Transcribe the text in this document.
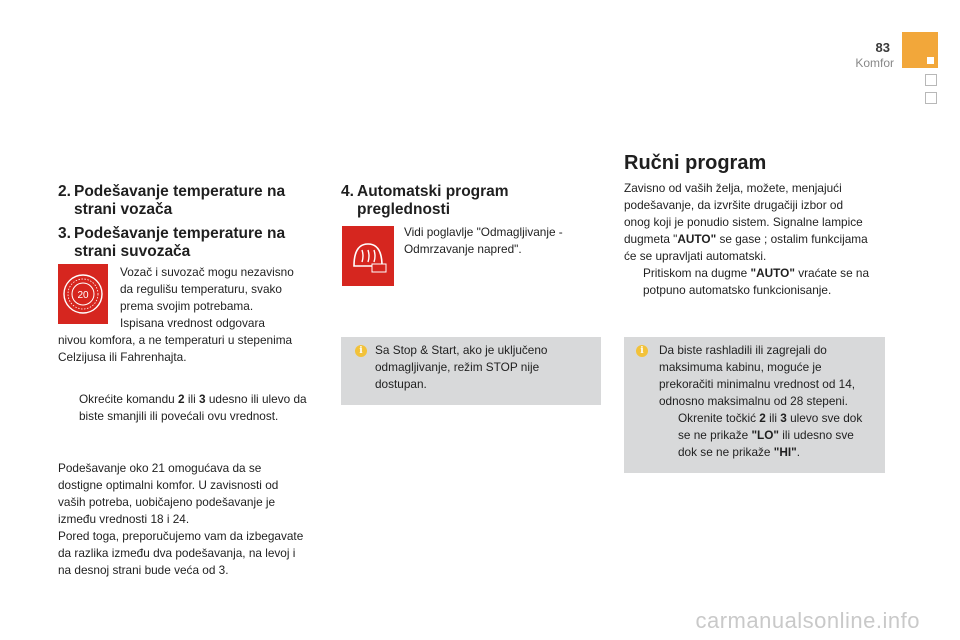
83
Komfor
2. Podešavanje temperature na
strani vozača
3. Podešavanje temperature na
strani suvozača
20

Vozač i suvozač mogu nezavisno

da regulišu temperaturu, svako

prema svojim potrebama.

Ispisana vrednost odgovara

nivou komfora, a ne temperaturi u stepenima

Celzijusa ili Fahrenhajta.

Okrećite komandu 2 ili 3 udesno ili ulevo da

biste smanjili ili povećali ovu vrednost.

Podešavanje oko 21 omogućava da se

dostigne optimalni komfor. U zavisnosti od

vaših potreba, uobičajeno podešavanje je

između vrednosti 18 i 24.

Pored toga, preporučujemo vam da izbegavate

da razlika između dva podešavanja, na levoj i

na desnoj strani bude veća od 3.

4. Automatski program
preglednosti

Vidi poglavlje "Odmagljivanje -

Odmrzavanje napred".

i	Sa Stop & Start, ako je uključeno

odmagljivanje, režim STOP nije

dostupan.

Ručni program

Zavisno od vaših želja, možete, menjajući

podešavanje, da izvršite drugačiji izbor od

onog koji je ponudio sistem. Signalne lampice

dugmeta "AUTO" se gase ; ostalim funkcijama

će se upravljati automatski.

Pritiskom na dugme "AUTO" vraćate se na

potpuno automatsko funkcionisanje.

i	Da biste rashladili ili zagrejali do

maksimuma kabinu, moguće je

prekoračiti minimalnu vrednost od 14,

odnosno maksimalnu od 28 stepeni.

Okrenite točkić 2 ili 3 ulevo sve dok

se ne prikaže "LO" ili udesno sve

dok se ne prikaže "HI".

carmanualsonline.info
